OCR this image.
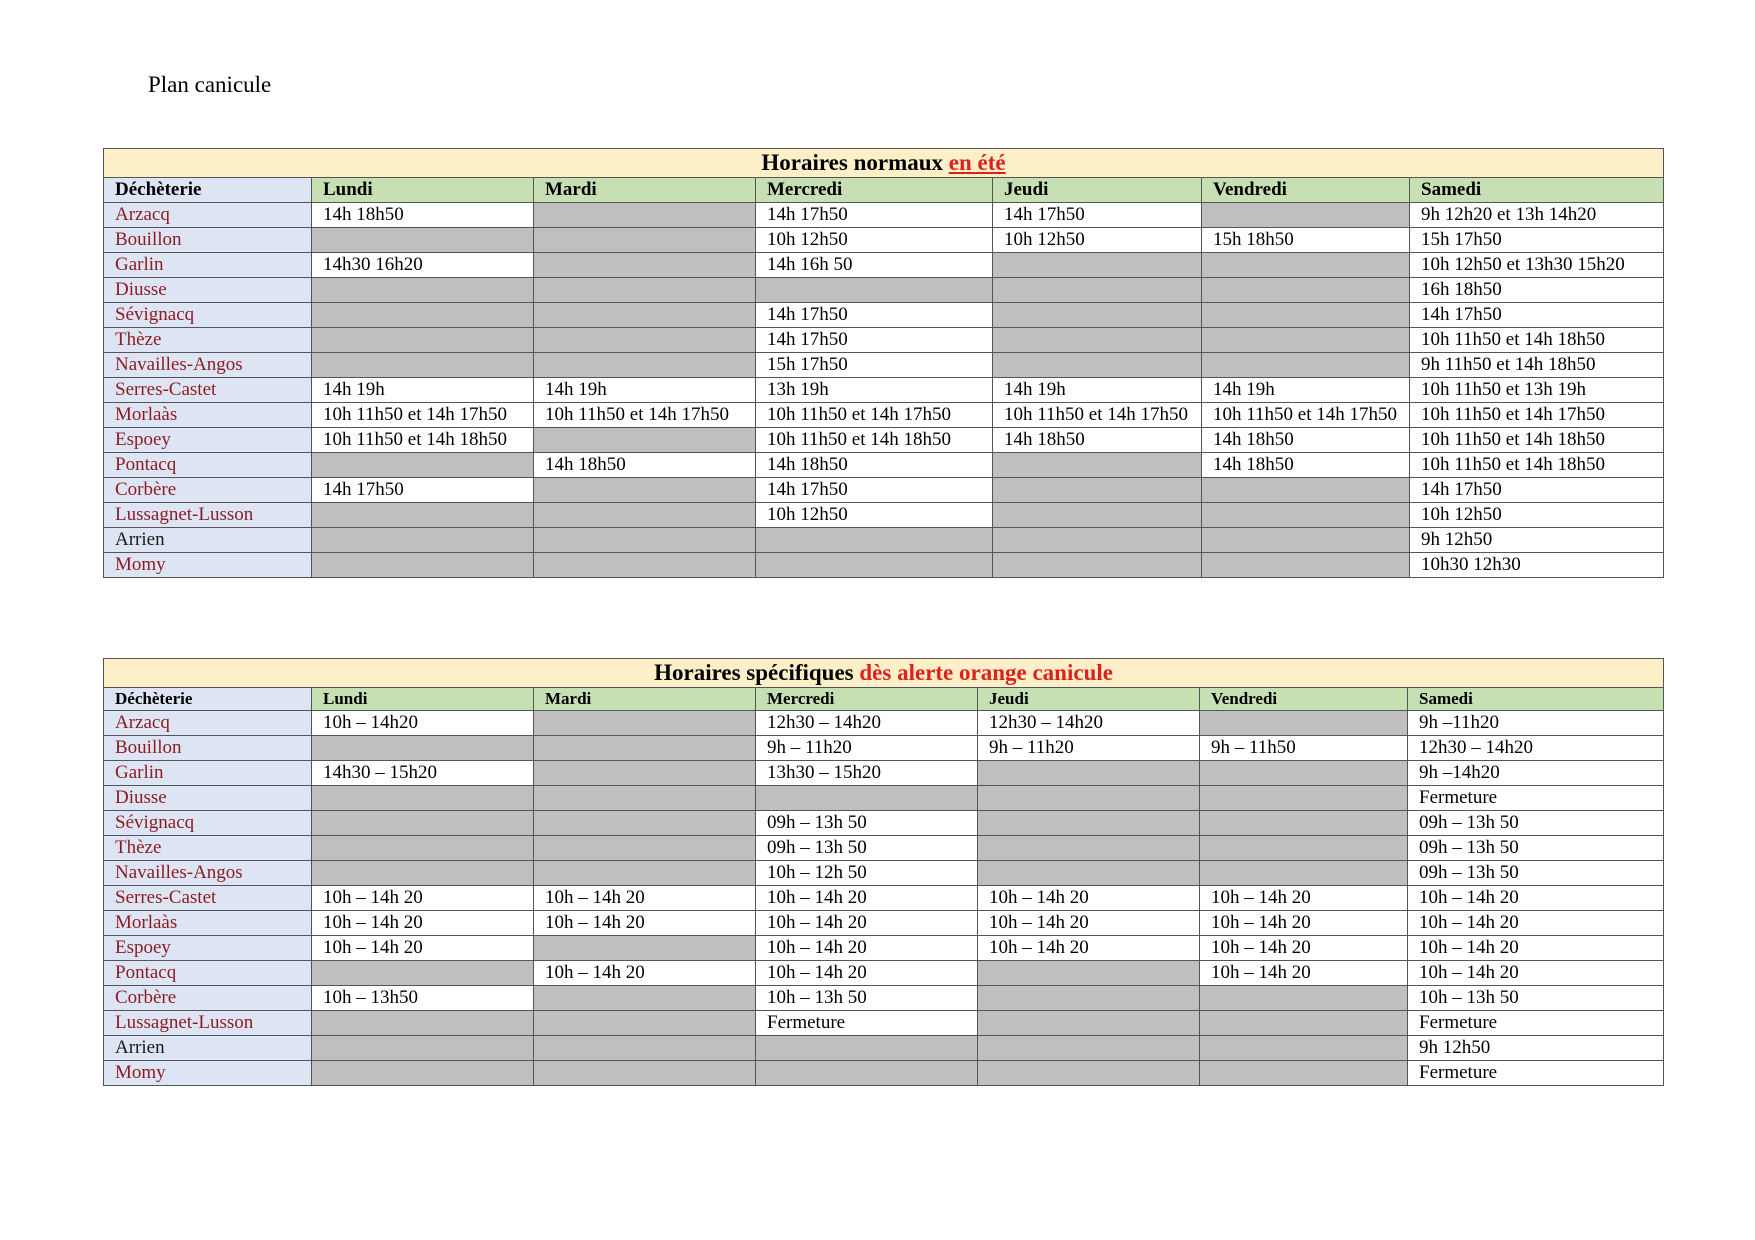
Plan canicule
Horaires normaux en été						
Déchèterie	Lundi	Mardi	Mercredi	Jeudi	Vendredi	Samedi
Arzacq	14h 18h50		14h 17h50	14h 17h50		9h 12h20 et 13h 14h20
Bouillon			10h 12h50	10h 12h50	15h 18h50	15h 17h50
Garlin	14h30 16h20		14h 16h 50			10h 12h50 et 13h30 15h20
Diusse						16h 18h50
Sévignacq			14h 17h50			14h 17h50
Thèze			14h 17h50			10h 11h50 et 14h 18h50
Navailles-Angos			15h 17h50			9h 11h50 et 14h 18h50
Serres-Castet	14h 19h	14h 19h	13h 19h	14h 19h	14h 19h	10h 11h50 et 13h 19h
Morlaàs	10h 11h50 et 14h 17h50	10h 11h50 et 14h 17h50	10h 11h50 et 14h 17h50	10h 11h50 et 14h 17h50	10h 11h50 et 14h 17h50	10h 11h50 et 14h 17h50
Espoey	10h 11h50 et 14h 18h50		10h 11h50 et 14h 18h50	14h 18h50	14h 18h50	10h 11h50 et 14h 18h50
Pontacq		14h 18h50	14h 18h50		14h 18h50	10h 11h50 et 14h 18h50
Corbère	14h 17h50		14h 17h50			14h 17h50
Lussagnet-Lusson			10h 12h50			10h 12h50
Arrien						9h 12h50
Momy						10h30 12h30
Horaires spécifiques dès alerte orange canicule						
Déchèterie	Lundi	Mardi	Mercredi	Jeudi	Vendredi	Samedi
Arzacq	10h – 14h20		12h30 – 14h20	12h30 – 14h20		9h –11h20
Bouillon			9h – 11h20	9h – 11h20	9h – 11h50	12h30 – 14h20
Garlin	14h30 – 15h20		13h30 – 15h20			9h –14h20
Diusse						Fermeture
Sévignacq			09h – 13h 50			09h – 13h 50
Thèze			09h – 13h 50			09h – 13h 50
Navailles-Angos			10h – 12h 50			09h – 13h 50
Serres-Castet	10h – 14h 20	10h – 14h 20	10h – 14h 20	10h – 14h 20	10h – 14h 20	10h – 14h 20
Morlaàs	10h – 14h 20	10h – 14h 20	10h – 14h 20	10h – 14h 20	10h – 14h 20	10h – 14h 20
Espoey	10h – 14h 20		10h – 14h 20	10h – 14h 20	10h – 14h 20	10h – 14h 20
Pontacq		10h – 14h 20	10h – 14h 20		10h – 14h 20	10h – 14h 20
Corbère	10h – 13h50		10h – 13h 50			10h – 13h 50
Lussagnet-Lusson			Fermeture			Fermeture
Arrien						9h 12h50
Momy						Fermeture
